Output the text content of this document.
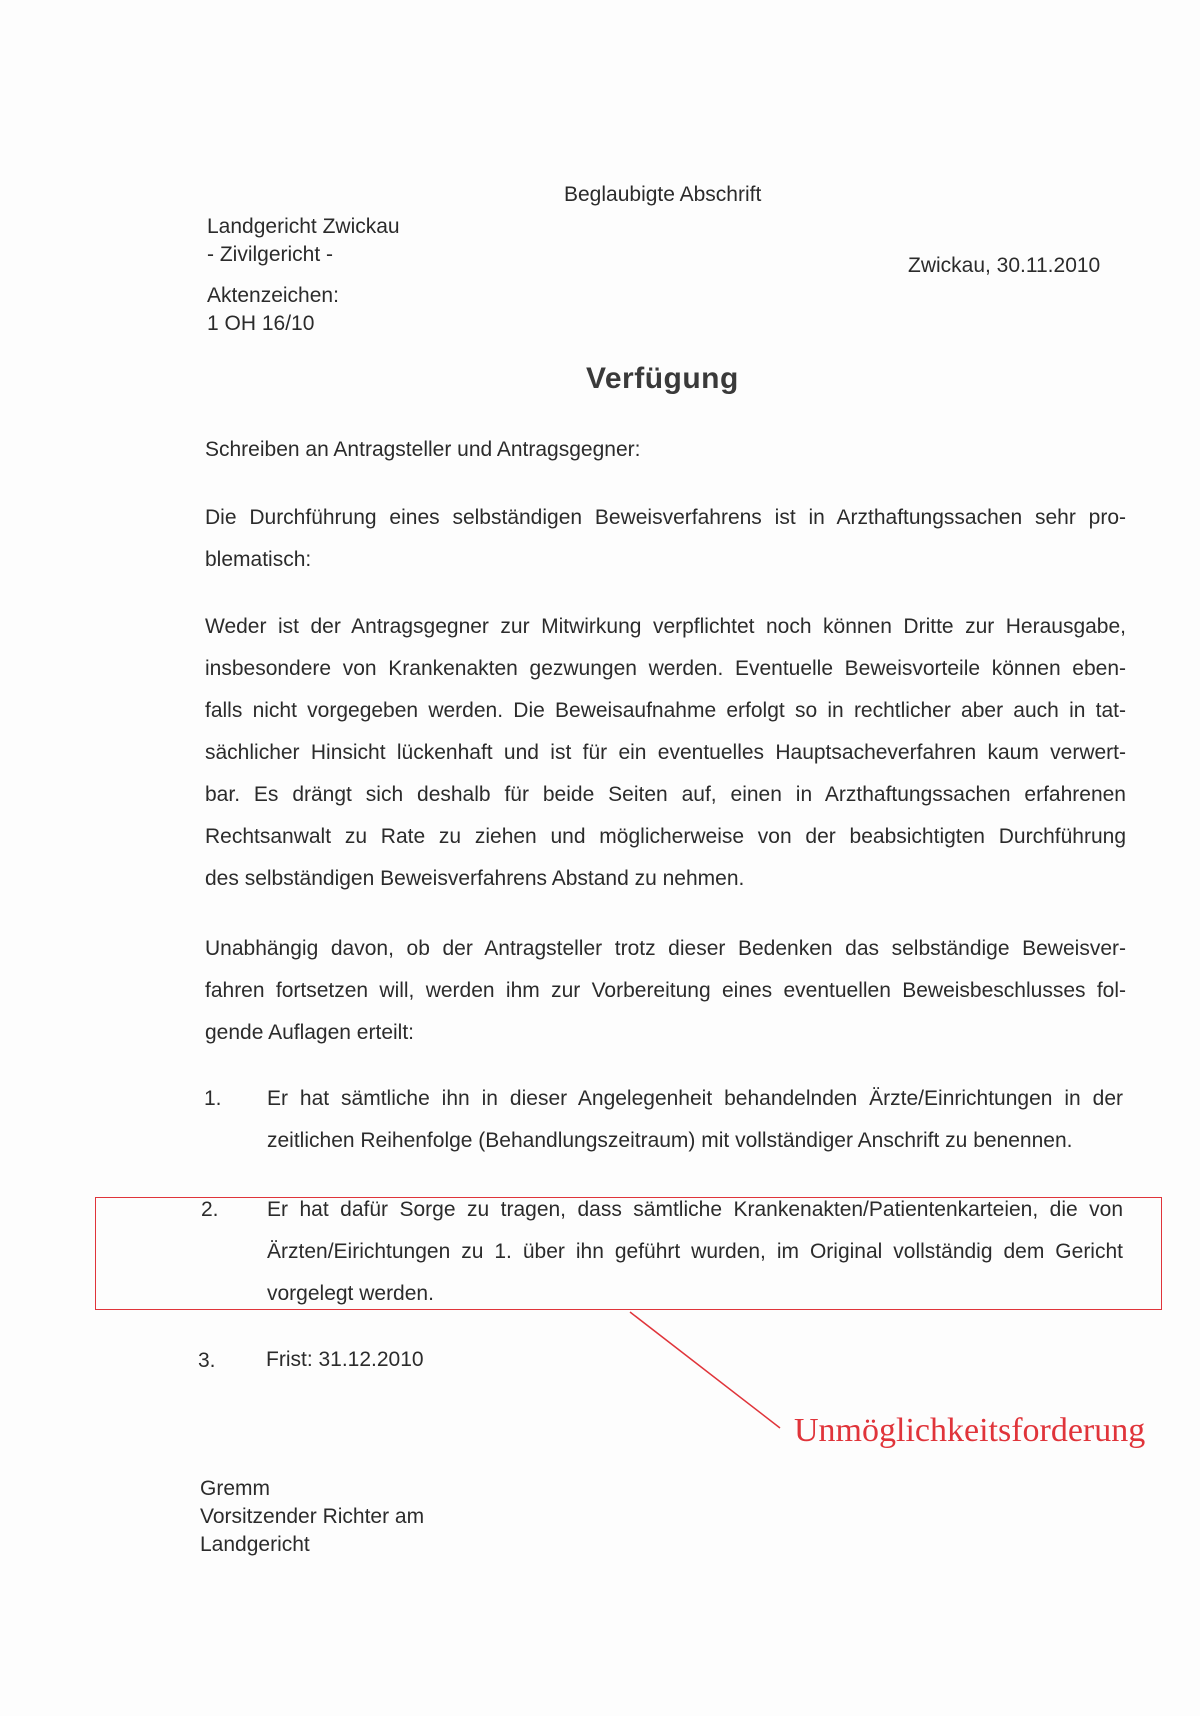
Beglaubigte Abschrift
Landgericht Zwickau
- Zivilgericht -	Zwickau, 30.11.2010
Aktenzeichen:
1 OH 16/10
Verfügung
Schreiben an Antragsteller und Antragsgegner:
Die Durchführung eines selbständigen Beweisverfahrens ist in Arzthaftungssachen sehr pro-
blematisch:
Weder ist der Antragsgegner zur Mitwirkung verpflichtet noch können Dritte zur Herausgabe,
insbesondere von Krankenakten gezwungen werden. Eventuelle Beweisvorteile können eben-
falls nicht vorgegeben werden. Die Beweisaufnahme erfolgt so in rechtlicher aber auch in tat-
sächlicher Hinsicht lückenhaft und ist für ein eventuelles Hauptsacheverfahren kaum verwert-
bar. Es drängt sich deshalb für beide Seiten auf, einen in Arzthaftungssachen erfahrenen
Rechtsanwalt zu Rate zu ziehen und möglicherweise von der beabsichtigten Durchführung
des selbständigen Beweisverfahrens Abstand zu nehmen.
Unabhängig davon, ob der Antragsteller trotz dieser Bedenken das selbständige Beweisver-
fahren fortsetzen will, werden ihm zur Vorbereitung eines eventuellen Beweisbeschlusses fol-
gende Auflagen erteilt:
1. Er hat sämtliche ihn in dieser Angelegenheit behandelnden Ärzte/Einrichtungen in der
zeitlichen Reihenfolge (Behandlungszeitraum) mit vollständiger Anschrift zu benennen.
2. Er hat dafür Sorge zu tragen, dass sämtliche Krankenakten/Patientenkarteien, die von
Ärzten/Eirichtungen zu 1. über ihn geführt wurden, im Original vollständig dem Gericht
vorgelegt werden.
3. Frist: 31.12.2010
Gremm
Vorsitzender Richter am
Landgericht
Unmöglichkeitsforderung
